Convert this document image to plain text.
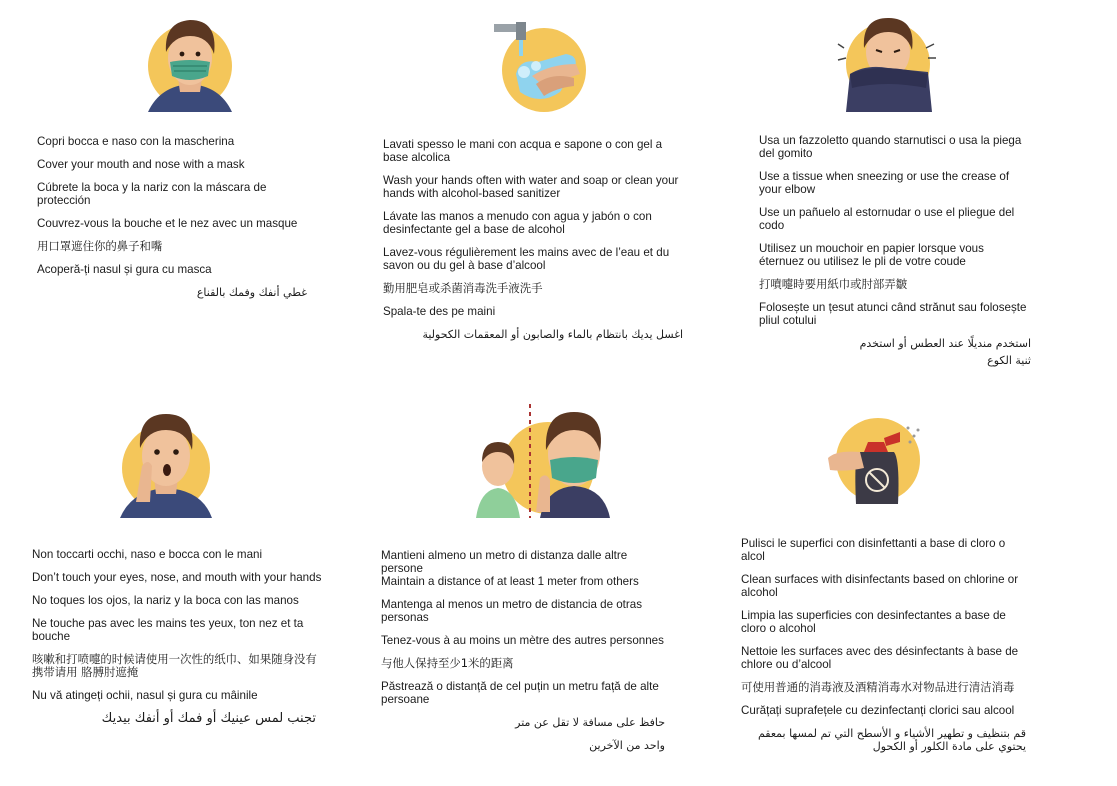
Copri bocca e naso con la mascherina
Cover your mouth and nose with a mask
Cúbrete la boca y la nariz con la máscara de protección
Couvrez-vous la bouche et le nez avec un masque
用口罩遮住你的鼻子和嘴
Acoperă-ți nasul și gura cu masca
غطي أنفك وفمك بالقناع
Lavati spesso le mani con acqua e sapone o con gel a base alcolica
Wash your hands often with water and soap or clean your hands with alcohol-based sanitizer
Lávate las manos a menudo con agua y jabón o con desinfectante gel a base de alcohol
Lavez-vous régulièrement les mains avec de l’eau et du savon ou du gel à base d’alcool
勤用肥皂或杀菌消毒洗手液洗手
Spala-te des pe maini
اغسل يديك بانتظام بالماء والصابون أو المعقمات الكحولية
Usa un fazzoletto quando starnutisci o usa la piega del gomito
Use a tissue when sneezing or use the crease of your elbow
Use un pañuelo al estornudar o use el pliegue del codo
Utilisez un mouchoir en papier lorsque vous éternuez ou utilisez le pli de votre coude
打噴嚏時要用紙巾或肘部弄皺
Folosește un țesut atunci când strănut sau folosește pliul cotului
استخدم منديلًا عند العطس أو استخدم
ثنية الكوع
Non toccarti occhi, naso e bocca con le mani
Don’t touch your eyes, nose, and mouth with your hands
No toques los ojos, la nariz y la boca con las manos
Ne touche pas avec les mains tes yeux, ton nez et ta bouche
咳嗽和打喷嚏的时候请使用一次性的纸巾、如果随身没有携带请用 胳膊肘遮掩
Nu vă atingeți ochii, nasul și gura cu mâinile
تجنب لمس عينيك أو فمك أو أنفك بيديك
Mantieni almeno un metro di distanza dalle altre persone
Maintain a distance of at least 1 meter from others
Mantenga al menos un metro de distancia de otras personas
Tenez-vous à au moins un mètre des autres personnes
与他人保持至少1米的距离
Păstrează o distanță de cel puțin un metru față de alte persoane
حافظ على مسافة لا تقل عن متر
واحد من الآخرين
Pulisci le superfici con disinfettanti a base di cloro o alcol
Clean surfaces with disinfectants based on chlorine or alcohol
Limpia las superficies con desinfectantes a base de cloro o alcohol
Nettoie les surfaces avec des désinfectants à base de chlore ou d’alcool
可使用普通的消毒液及酒精消毒水对物品进行清洁消毒
Curățați suprafețele cu dezinfectanți clorici sau alcool
قم بتنظيف و تطهير الأشياء و الأسطح التي تم لمسها بمعقم يحتوي على مادة الكلور أو الكحول
